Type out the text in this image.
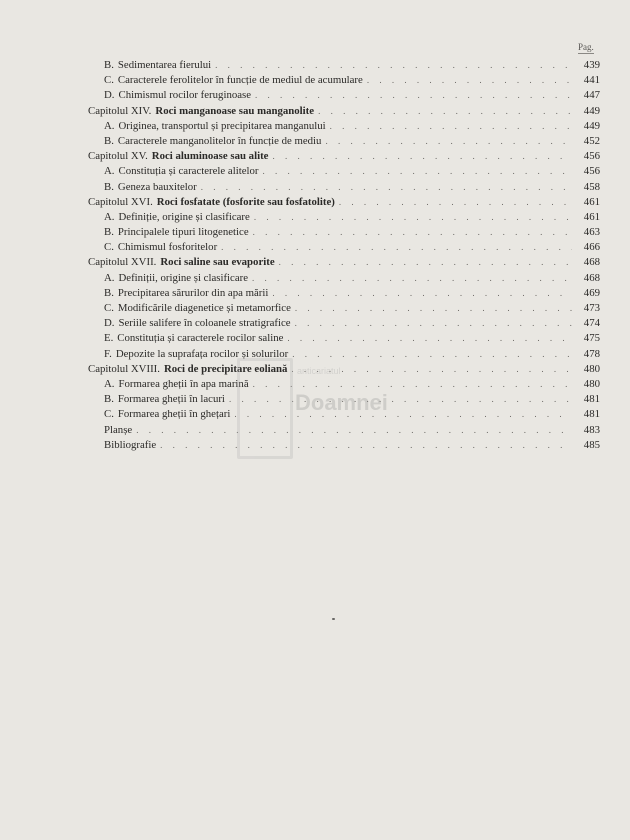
Pag.
B. Sedimentarea fierului . . .	439
C. Caracterele ferolitelor în funcție de mediul de acumulare . . .	441
D. Chimismul rocilor feruginoase . . .	447
Capitolul XIV. Roci manganoase sau manganolite . . .	449
A. Originea, transportul și precipitarea manganului . . .	449
B. Caracterele manganolitelor în funcție de mediu . . .	452
Capitolul XV. Roci aluminoase sau alite . . .	456
A. Constituția și caracterele alitelor . . .	456
B. Geneza bauxitelor . . .	458
Capitolul XVI. Roci fosfatate (fosforite sau fosfatolite) . . .	461
A. Definiție, origine și clasificare . . .	461
B. Principalele tipuri litogenetice . . .	463
C. Chimismul fosforitelor . . .	466
Capitolul XVII. Roci saline sau evaporite . . .	468
A. Definiții, origine și clasificare . . .	468
B. Precipitarea sărurilor din apa mării . . .	469
C. Modificările diagenetice și metamorfice . . .	473
D. Seriile salifere în coloanele stratigrafice . . .	474
E. Constituția și caracterele rocilor saline . . .	475
F. Depozite la suprafața rocilor și solurilor . . .	478
Capitolul XVIII. Roci de precipitare eoliană . . .	480
A. Formarea gheții în apa marină . . .	480
B. Formarea gheții în lacuri . . .	481
C. Formarea gheții în ghețari . . .	481
Planșe . . .	483
Bibliografie . . .	485
anticariatul
Doamnei
